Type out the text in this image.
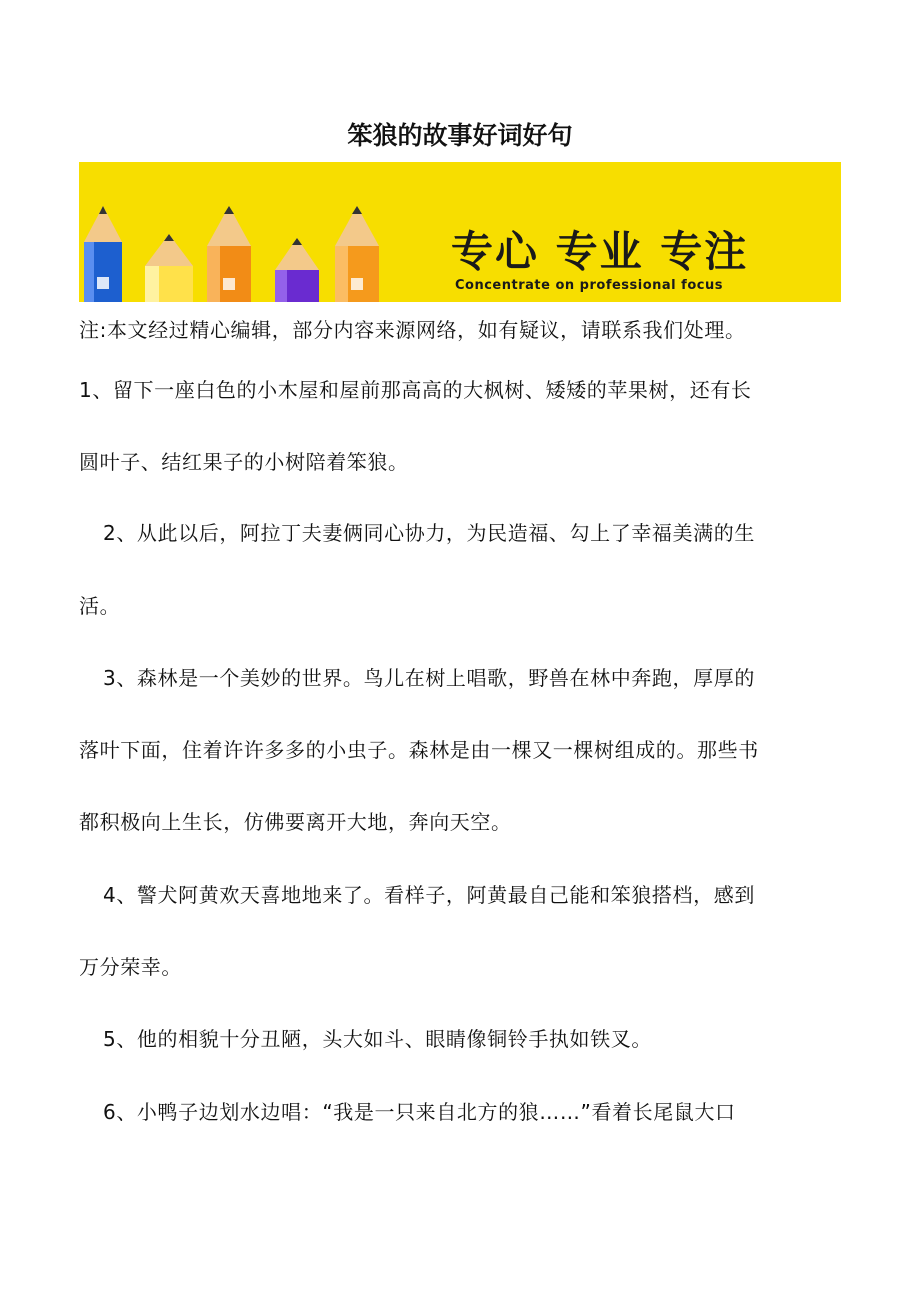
笨狼的故事好词好句
专心 专业 专注
Concentrate on professional focus

注:本文经过精心编辑，部分内容来源网络，如有疑议，请联系我们处理。

1、留下一座白色的小木屋和屋前那高高的大枫树、矮矮的苹果树，还有长

圆叶子、结红果子的小树陪着笨狼。

2、从此以后，阿拉丁夫妻俩同心协力，为民造福、勾上了幸福美满的生

活。

3、森林是一个美妙的世界。鸟儿在树上唱歌，野兽在林中奔跑，厚厚的

落叶下面，住着许许多多的小虫子。森林是由一棵又一棵树组成的。那些书

都积极向上生长，仿佛要离开大地，奔向天空。

4、警犬阿黄欢天喜地地来了。看样子，阿黄最自己能和笨狼搭档，感到

万分荣幸。

5、他的相貌十分丑陋，头大如斗、眼睛像铜铃手执如铁叉。

6、小鸭子边划水边唱：“我是一只来自北方的狼……”看着长尾鼠大口
